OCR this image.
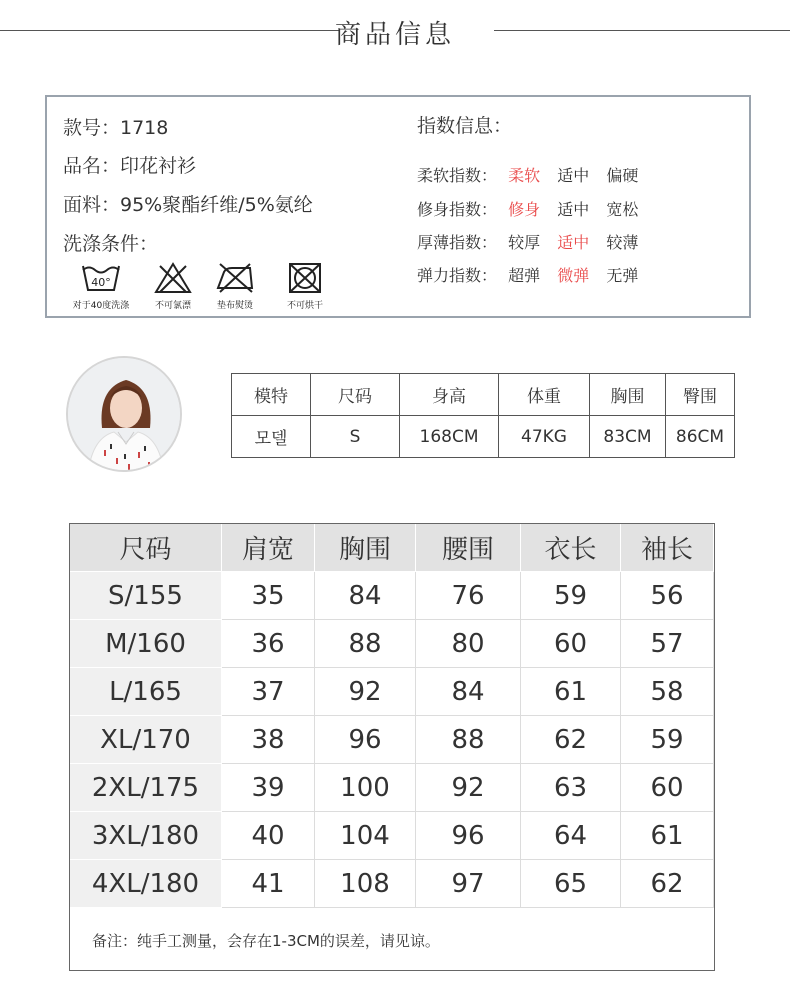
商品信息
款号：1718
品名：印花衬衫
面料：95%聚酯纤维/5%氨纶
洗涤条件：
40°
对于40度洗涤	不可氯漂	垫布熨烫	不可烘干
指数信息：
柔软指数： 柔软 适中 偏硬
修身指数： 修身 适中 宽松
厚薄指数： 较厚 适中 较薄
弹力指数： 超弹 微弹 无弹
模特	尺码	身高	体重	胸围	臀围
모델	S	168CM	47KG	83CM	86CM
尺码	肩宽	胸围	腰围	衣长	袖长
S/155	35	84	76	59	56
M/160	36	88	80	60	57
L/165	37	92	84	61	58
XL/170	38	96	88	62	59
2XL/175	39	100	92	63	60
3XL/180	40	104	96	64	61
4XL/180	41	108	97	65	62
备注：纯手工测量，会存在1-3CM的误差，请见谅。
